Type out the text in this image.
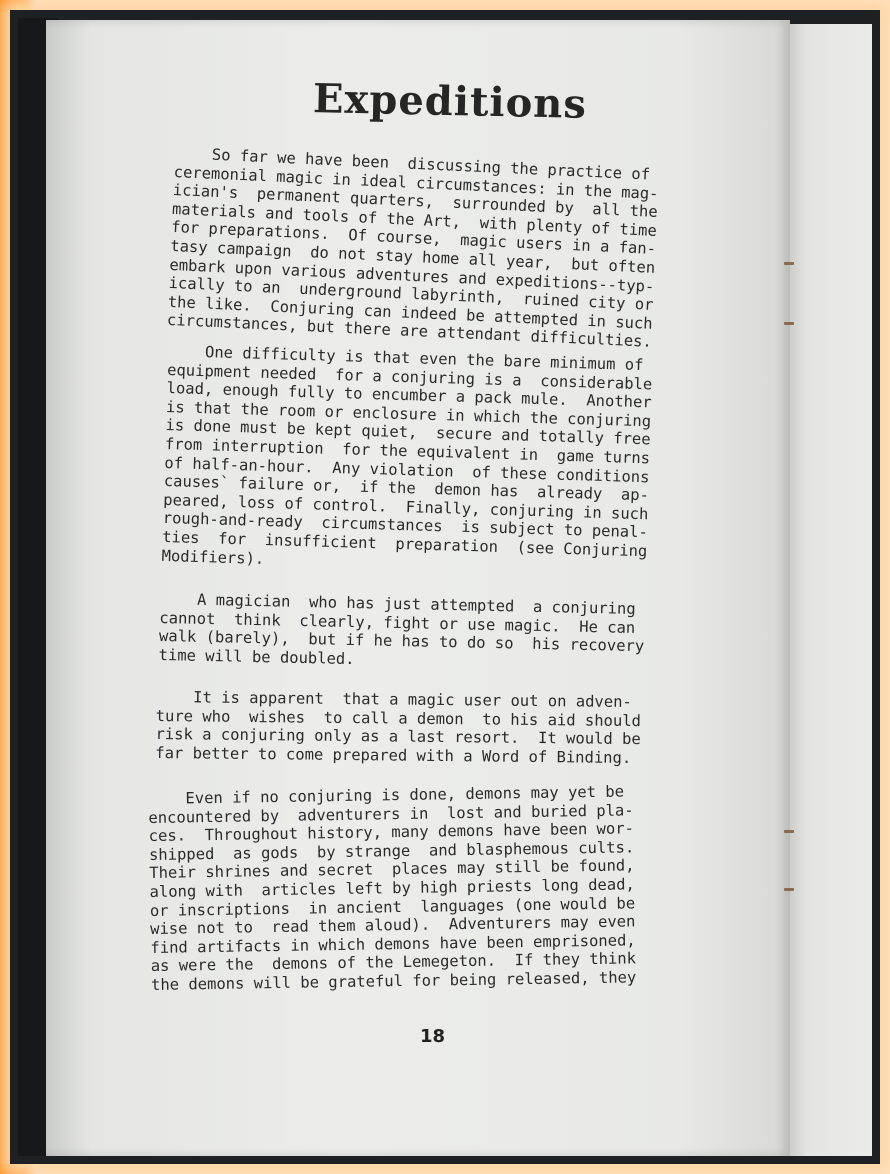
Expeditions
So far we have been  discussing the practice of
ceremonial magic in ideal circumstances: in the mag-
ician's  permanent quarters,  surrounded by  all the
materials and tools of the Art,  with plenty of time
for preparations.  Of course,  magic users in a fan-
tasy campaign  do not stay home all year,  but often
embark upon various adventures and expeditions--typ-
ically to an  underground labyrinth,  ruined city or
the like.  Conjuring can indeed be attempted in such
circumstances, but there are attendant difficulties.
One difficulty is that even the bare minimum of
equipment needed  for a conjuring is a  considerable
load, enough fully to encumber a pack mule.  Another
is that the room or enclosure in which the conjuring
is done must be kept quiet,  secure and totally free
from interruption  for the equivalent in  game turns
of half-an-hour.  Any violation  of these conditions
causes` failure or,  if the  demon has  already  ap-
peared, loss of control.  Finally, conjuring in such
rough-and-ready  circumstances  is subject to penal-
ties  for  insufficient  preparation  (see Conjuring
Modifiers).
A magician  who has just attempted  a conjuring
cannot  think  clearly, fight or use magic.  He can
walk (barely),  but if he has to do so  his recovery
time will be doubled.
It is apparent  that a magic user out on adven-
ture who  wishes  to call a demon  to his aid should
risk a conjuring only as a last resort.  It would be
far better to come prepared with a Word of Binding.
Even if no conjuring is done, demons may yet be
encountered by  adventurers in  lost and buried pla-
ces.  Throughout history, many demons have been wor-
shipped  as gods  by strange  and blasphemous cults.
Their shrines and secret  places may still be found,
along with  articles left by high priests long dead,
or inscriptions  in ancient  languages (one would be
wise not to  read them aloud).  Adventurers may even
find artifacts in which demons have been emprisoned,
as were the  demons of the Lemegeton.  If they think
the demons will be grateful for being released, they
18
